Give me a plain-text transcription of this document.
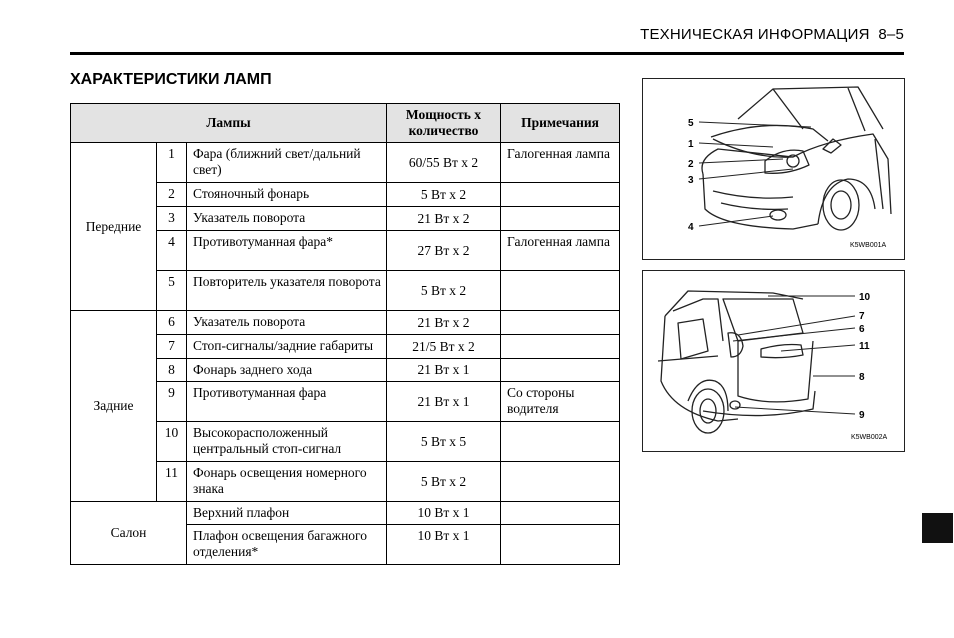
ТЕХНИЧЕСКАЯ ИНФОРМАЦИЯ 8–5
ХАРАКТЕРИСТИКИ ЛАМП
Лампы			Мощность x количество	Примечания
Передние	1	Фара (ближний свет/дальний свет)	60/55 Вт х 2	Галогенная лампа
	2	Стояночный фонарь	5 Вт х 2	
	3	Указатель поворота	21 Вт х 2	
	4	Противотуманная фара*	27 Вт х 2	Галогенная лампа
	5	Повторитель указателя поворота	5 Вт х 2	
Задние	6	Указатель поворота	21 Вт х 2	
	7	Стоп-сигналы/задние габариты	21/5 Вт х 2	
	8	Фонарь заднего хода	21 Вт х 1	
	9	Противотуманная фара	21 Вт х 1	Со стороны водителя
	10	Высокорасположенный центральный стоп-сигнал	5 Вт х 5	
	11	Фонарь освещения номерного знака	5 Вт х 2	
Салон		Верхний плафон	10 Вт х 1	
		Плафон освещения багажного отделения*	10 Вт х 1	
5
1
2
3
4
K5WB001A
10
7
6
11
8
9
K5WB002A
